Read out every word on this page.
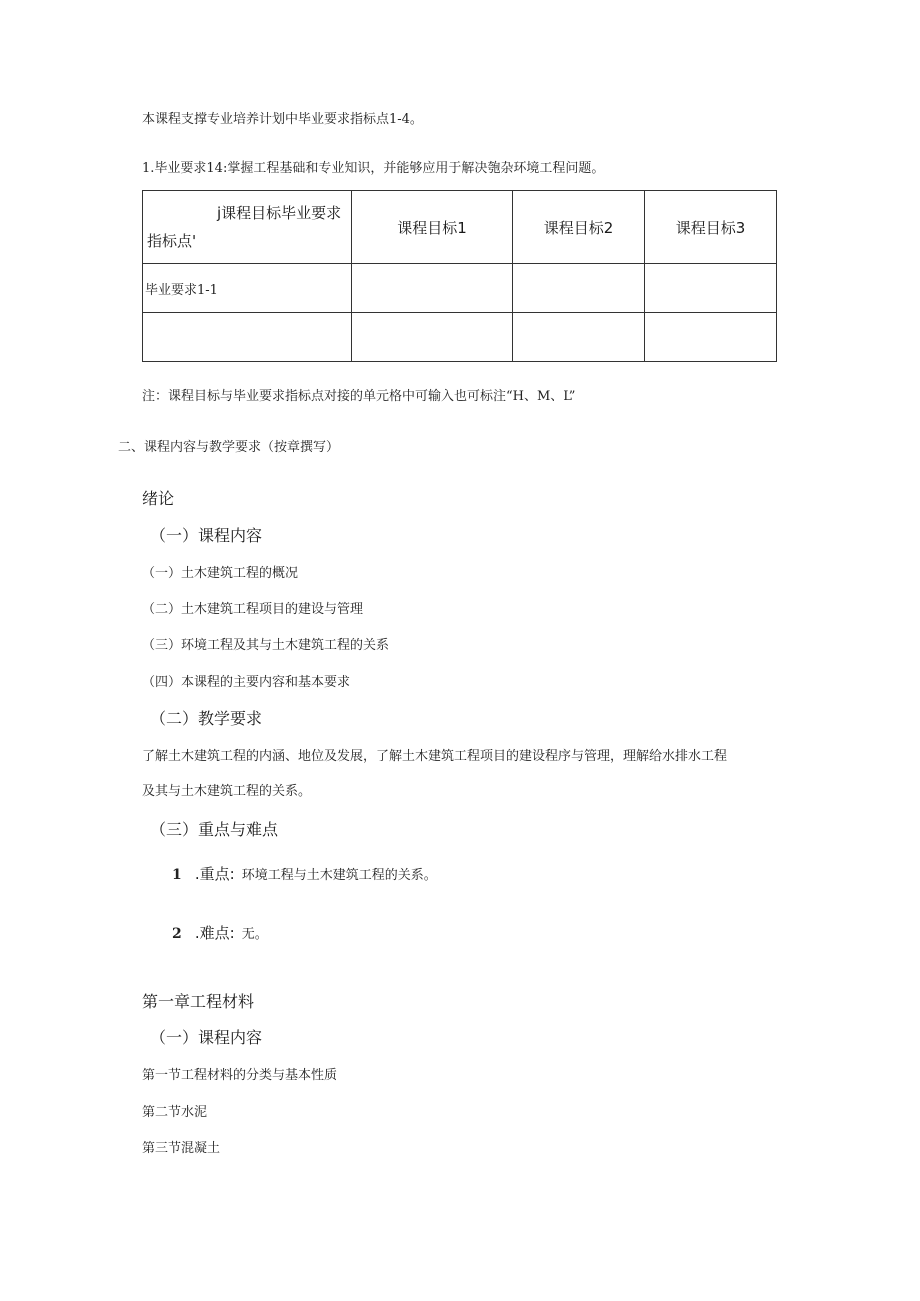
本课程支撑专业培养计划中毕业要求指标点1-4。
1.毕业要求14:掌握工程基础和专业知识，并能够应用于解决匏杂环境工程问题。
j课程目标毕业要求指标点'	课程目标1	课程目标2	课程目标3
毕业要求1-1			

注：课程目标与毕业要求指标点对接的单元格中可输入也可标注“H、M、L”
二、课程内容与教学要求（按章撰写）
绪论
（一）课程内容
（一）土木建筑工程的概况
（二）土木建筑工程项目的建设与管理
（三）环境工程及其与土木建筑工程的关系
（四）本课程的主要内容和基本要求
（二）教学要求
了解土木建筑工程的内涵、地位及发展，了解土木建筑工程项目的建设程序与管理，理解给水排水工程
及其与土木建筑工程的关系。
（三）重点与难点
1 .重点: 环境工程与土木建筑工程的关系。
2 .难点: 无。
第一章工程材料
（一）课程内容
第一节工程材料的分类与基本性质
第二节水泥
第三节混凝土
